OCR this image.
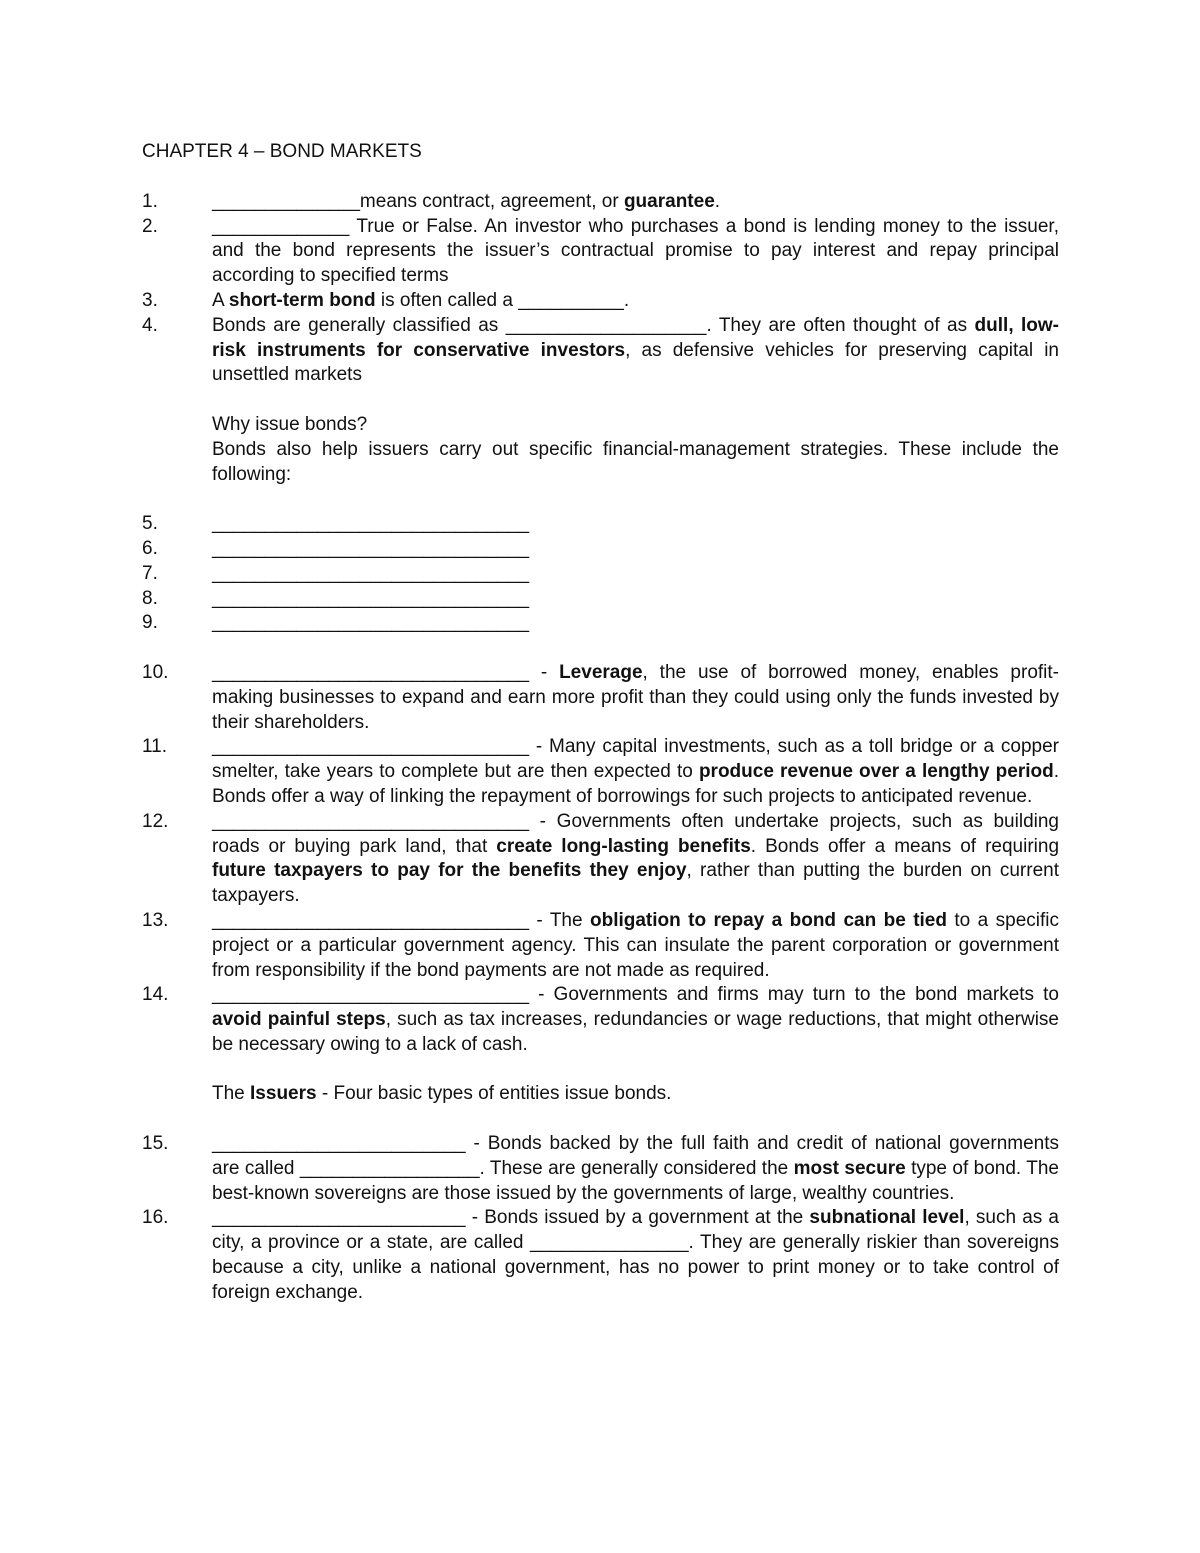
CHAPTER 4 – BOND MARKETS
1.	______________means contract, agreement, or guarantee.
2.	_____________ True or False. An investor who purchases a bond is lending money to the issuer, and the bond represents the issuer’s contractual promise to pay interest and repay principal according to specified terms
3.	A short-term bond is often called a __________.
4.	Bonds are generally classified as ___________________. They are often thought of as dull, low-risk instruments for conservative investors, as defensive vehicles for preserving capital in unsettled markets

Why issue bonds?

Bonds also help issuers carry out specific financial-management strategies. These include the following:

5.	______________________________
6.	______________________________
7.	______________________________
8.	______________________________
9.	______________________________
10.	______________________________ - Leverage, the use of borrowed money, enables profit-making businesses to expand and earn more profit than they could using only the funds invested by their shareholders.
11.	______________________________ - Many capital investments, such as a toll bridge or a copper smelter, take years to complete but are then expected to produce revenue over a lengthy period. Bonds offer a way of linking the repayment of borrowings for such projects to anticipated revenue.
12.	______________________________ - Governments often undertake projects, such as building roads or buying park land, that create long-lasting benefits. Bonds offer a means of requiring future taxpayers to pay for the benefits they enjoy, rather than putting the burden on current taxpayers.
13.	______________________________ - The obligation to repay a bond can be tied to a specific project or a particular government agency. This can insulate the parent corporation or government from responsibility if the bond payments are not made as required.
14.	______________________________ - Governments and firms may turn to the bond markets to avoid painful steps, such as tax increases, redundancies or wage reductions, that might otherwise be necessary owing to a lack of cash.

The Issuers - Four basic types of entities issue bonds.

15.	________________________ - Bonds backed by the full faith and credit of national governments are called _________________. These are generally considered the most secure type of bond. The best-known sovereigns are those issued by the governments of large, wealthy countries.
16.	________________________ - Bonds issued by a government at the subnational level, such as a city, a province or a state, are called _______________. They are generally riskier than sovereigns because a city, unlike a national government, has no power to print money or to take control of foreign exchange.
